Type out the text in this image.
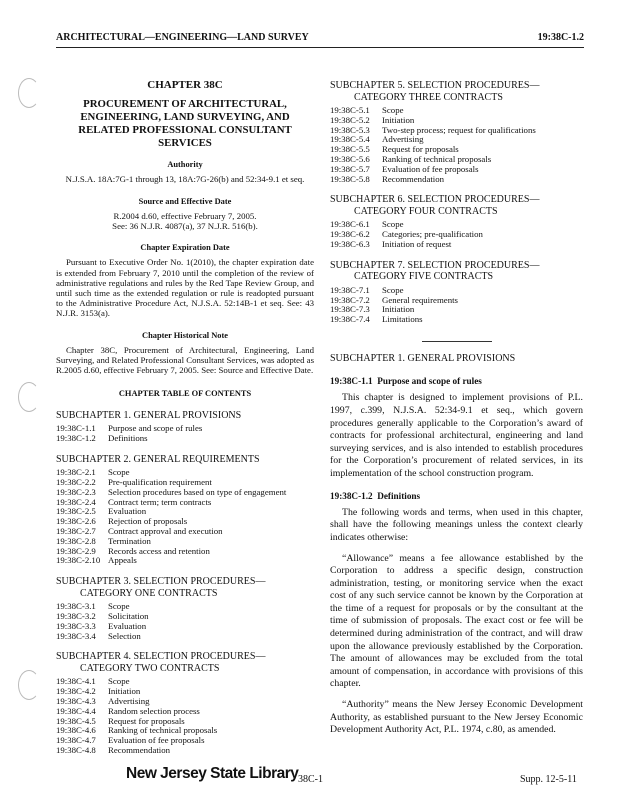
ARCHITECTURAL—ENGINEERING—LAND SURVEY	19:38C-1.2
CHAPTER 38C
PROCUREMENT OF ARCHITECTURAL, ENGINEERING, LAND SURVEYING, AND RELATED PROFESSIONAL CONSULTANT SERVICES
Authority
N.J.S.A. 18A:7G-1 through 13, 18A:7G-26(b) and 52:34-9.1 et seq.
Source and Effective Date
R.2004 d.60, effective February 7, 2005.
See: 36 N.J.R. 4087(a), 37 N.J.R. 516(b).
Chapter Expiration Date

Pursuant to Executive Order No. 1(2010), the chapter expiration date is extended from February 7, 2010 until the completion of the review of administrative regulations and rules by the Red Tape Review Group, and until such time as the extended regulation or rule is readopted pursuant to the Administrative Procedure Act, N.J.S.A. 52:14B-1 et seq. See: 43 N.J.R. 3153(a).

Chapter Historical Note

Chapter 38C, Procurement of Architectural, Engineering, Land Surveying, and Related Professional Consultant Services, was adopted as R.2005 d.60, effective February 7, 2005. See: Source and Effective Date.

CHAPTER TABLE OF CONTENTS
SUBCHAPTER 1. GENERAL PROVISIONS
19:38C-1.1	Purpose and scope of rules
19:38C-1.2	Definitions
SUBCHAPTER 2. GENERAL REQUIREMENTS
19:38C-2.1	Scope
19:38C-2.2	Pre-qualification requirement
19:38C-2.3	Selection procedures based on type of engagement
19:38C-2.4	Contract term; term contracts
19:38C-2.5	Evaluation
19:38C-2.6	Rejection of proposals
19:38C-2.7	Contract approval and execution
19:38C-2.8	Termination
19:38C-2.9	Records access and retention
19:38C-2.10	Appeals
SUBCHAPTER 3. SELECTION PROCEDURES—
CATEGORY ONE CONTRACTS
19:38C-3.1	Scope
19:38C-3.2	Solicitation
19:38C-3.3	Evaluation
19:38C-3.4	Selection
SUBCHAPTER 4. SELECTION PROCEDURES—
CATEGORY TWO CONTRACTS
19:38C-4.1	Scope
19:38C-4.2	Initiation
19:38C-4.3	Advertising
19:38C-4.4	Random selection process
19:38C-4.5	Request for proposals
19:38C-4.6	Ranking of technical proposals
19:38C-4.7	Evaluation of fee proposals
19:38C-4.8	Recommendation
SUBCHAPTER 5. SELECTION PROCEDURES—
CATEGORY THREE CONTRACTS
19:38C-5.1	Scope
19:38C-5.2	Initiation
19:38C-5.3	Two-step process; request for qualifications
19:38C-5.4	Advertising
19:38C-5.5	Request for proposals
19:38C-5.6	Ranking of technical proposals
19:38C-5.7	Evaluation of fee proposals
19:38C-5.8	Recommendation
SUBCHAPTER 6. SELECTION PROCEDURES—
CATEGORY FOUR CONTRACTS
19:38C-6.1	Scope
19:38C-6.2	Categories; pre-qualification
19:38C-6.3	Initiation of request
SUBCHAPTER 7. SELECTION PROCEDURES—
CATEGORY FIVE CONTRACTS
19:38C-7.1	Scope
19:38C-7.2	General requirements
19:38C-7.3	Initiation
19:38C-7.4	Limitations
SUBCHAPTER 1. GENERAL PROVISIONS
19:38C-1.1 Purpose and scope of rules

This chapter is designed to implement provisions of P.L. 1997, c.399, N.J.S.A. 52:34-9.1 et seq., which govern procedures generally applicable to the Corporation’s award of contracts for professional architectural, engineering and land surveying services, and is also intended to establish procedures for the Corporation’s procurement of related services, in its implementation of the school construction program.

19:38C-1.2 Definitions

The following words and terms, when used in this chapter, shall have the following meanings unless the context clearly indicates otherwise:

“Allowance” means a fee allowance established by the Corporation to address a specific design, construction administration, testing, or monitoring service when the exact cost of any such service cannot be known by the Corporation at the time of a request for proposals or by the consultant at the time of submission of proposals. The exact cost or fee will be determined during administration of the contract, and will draw upon the allowance previously established by the Corporation. The amount of allowances may be excluded from the total amount of compensation, in accordance with provisions of this chapter.

“Authority” means the New Jersey Economic Development Authority, as established pursuant to the New Jersey Economic Development Authority Act, P.L. 1974, c.80, as amended.

New Jersey State Library 38C-1	Supp. 12-5-11
